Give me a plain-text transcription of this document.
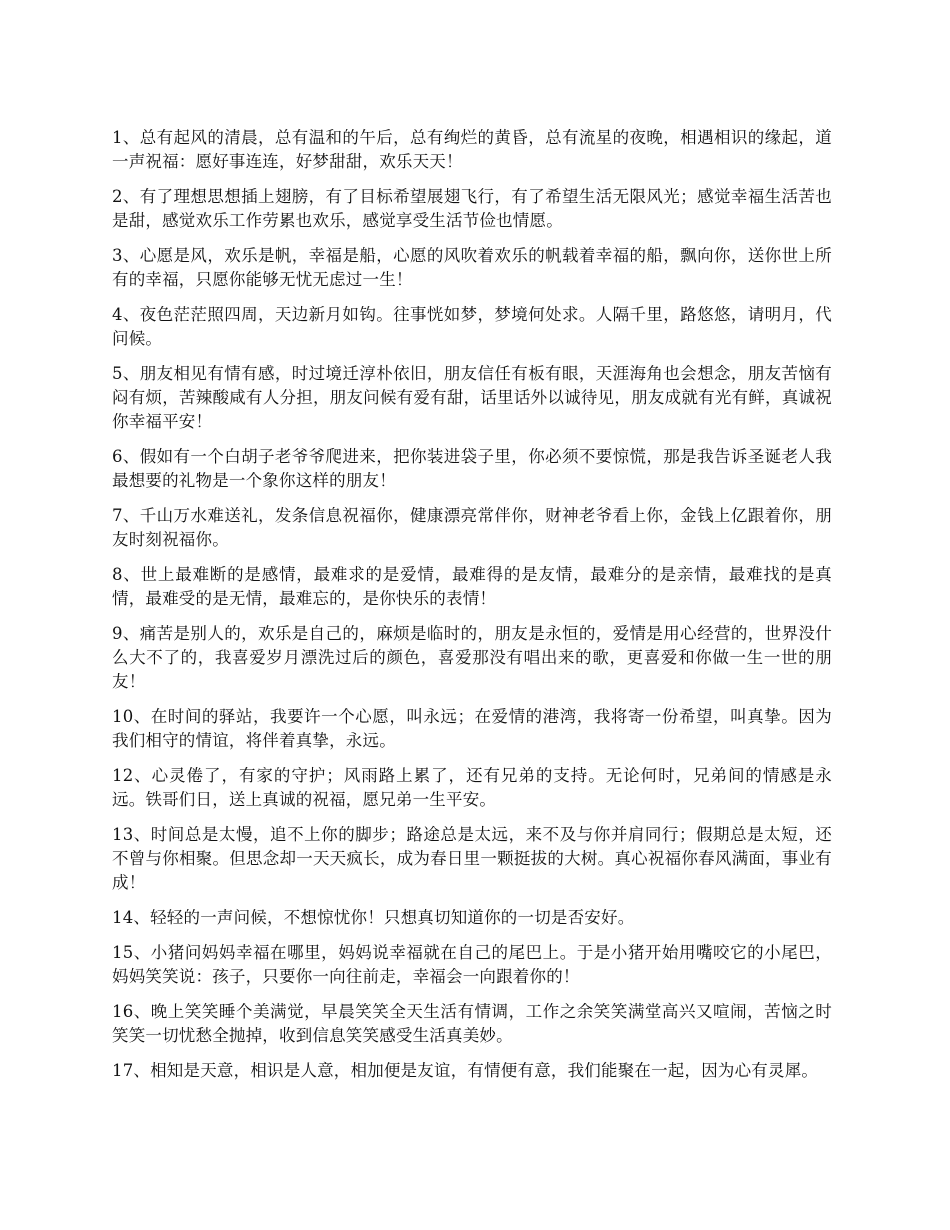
1、总有起风的清晨，总有温和的午后，总有绚烂的黄昏，总有流星的夜晚，相遇相识的缘起，道一声祝福：愿好事连连，好梦甜甜，欢乐天天！

2、有了理想思想插上翅膀，有了目标希望展翅飞行，有了希望生活无限风光；感觉幸福生活苦也是甜，感觉欢乐工作劳累也欢乐，感觉享受生活节俭也情愿。

3、心愿是风，欢乐是帆，幸福是船，心愿的风吹着欢乐的帆载着幸福的船，飘向你，送你世上所有的幸福，只愿你能够无忧无虑过一生！

4、夜色茫茫照四周，天边新月如钩。往事恍如梦，梦境何处求。人隔千里，路悠悠，请明月，代问候。

5、朋友相见有情有感，时过境迁淳朴依旧，朋友信任有板有眼，天涯海角也会想念，朋友苦恼有闷有烦，苦辣酸咸有人分担，朋友问候有爱有甜，话里话外以诚待见，朋友成就有光有鲜，真诚祝你幸福平安！

6、假如有一个白胡子老爷爷爬进来，把你装进袋子里，你必须不要惊慌，那是我告诉圣诞老人我最想要的礼物是一个象你这样的朋友！

7、千山万水难送礼，发条信息祝福你，健康漂亮常伴你，财神老爷看上你，金钱上亿跟着你，朋友时刻祝福你。

8、世上最难断的是感情，最难求的是爱情，最难得的是友情，最难分的是亲情，最难找的是真情，最难受的是无情，最难忘的，是你快乐的表情！

9、痛苦是别人的，欢乐是自己的，麻烦是临时的，朋友是永恒的，爱情是用心经营的，世界没什么大不了的，我喜爱岁月漂洗过后的颜色，喜爱那没有唱出来的歌，更喜爱和你做一生一世的朋友！

10、在时间的驿站，我要许一个心愿，叫永远；在爱情的港湾，我将寄一份希望，叫真挚。因为我们相守的情谊，将伴着真挚，永远。

12、心灵倦了，有家的守护；风雨路上累了，还有兄弟的支持。无论何时，兄弟间的情感是永远。铁哥们日，送上真诚的祝福，愿兄弟一生平安。

13、时间总是太慢，追不上你的脚步；路途总是太远，来不及与你并肩同行；假期总是太短，还不曾与你相聚。但思念却一天天疯长，成为春日里一颗挺拔的大树。真心祝福你春风满面，事业有成！

14、轻轻的一声问候，不想惊忧你！只想真切知道你的一切是否安好。

15、小猪问妈妈幸福在哪里，妈妈说幸福就在自己的尾巴上。于是小猪开始用嘴咬它的小尾巴，妈妈笑笑说：孩子，只要你一向往前走，幸福会一向跟着你的！

16、晚上笑笑睡个美满觉，早晨笑笑全天生活有情调，工作之余笑笑满堂高兴又喧闹，苦恼之时笑笑一切忧愁全抛掉，收到信息笑笑感受生活真美妙。

17、相知是天意，相识是人意，相加便是友谊，有情便有意，我们能聚在一起，因为心有灵犀。
